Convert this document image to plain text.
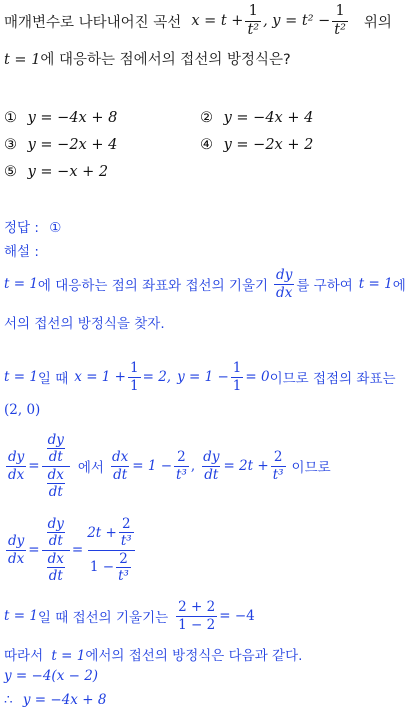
매개변수로 나타내어진 곡선 $x = t + \frac{1}{\text{t²}}$ , $y = t^2 - \frac{1}{\text{t²}}$ 위의
t = 1에 대응하는 점에서의 접선의 방정식은?
① y = −4x + 8	② y = −4x + 4
③ y = −2x + 4	④ y = −2x + 2
⑤ y = −x + 2
정답 : ①
해설 :
t = 1 에 대응하는 점의 좌표와 접선의 기울기 $\frac{dy}{dx}$ 를 구하여 t = 1 에
서의 접선의 방정식을 찾자.
t = 1 일 때 $x = 1 + \frac{1}{1} = 2$, $y = 1 - \frac{1}{1} = 0$ 이므로 접점의 좌표는
(2, 0)
$\frac{dy}{dx} = \frac{\frac{dy}{dt}}{\frac{dx}{dt}}$ 에서 $\frac{dx}{dt} = 1 - \frac{2}{\text{t³}}$ , $\frac{dy}{dt} = 2t + \frac{2}{\text{t³}}$ 이므로
$\frac{dy}{dx} = \frac{\frac{dy}{dt}}{\frac{dx}{dt}} = \frac{2t + \frac{2}{\text{t³}}}{1 - \frac{2}{\text{t³}}}$
t = 1 일 때 접선의 기울기는 $\frac{2 + 2}{1 - 2} = -4$
따라서 t = 1에서의 접선의 방정식은 다음과 같다.
y = −4(x − 2)
∴ y = −4x + 8
